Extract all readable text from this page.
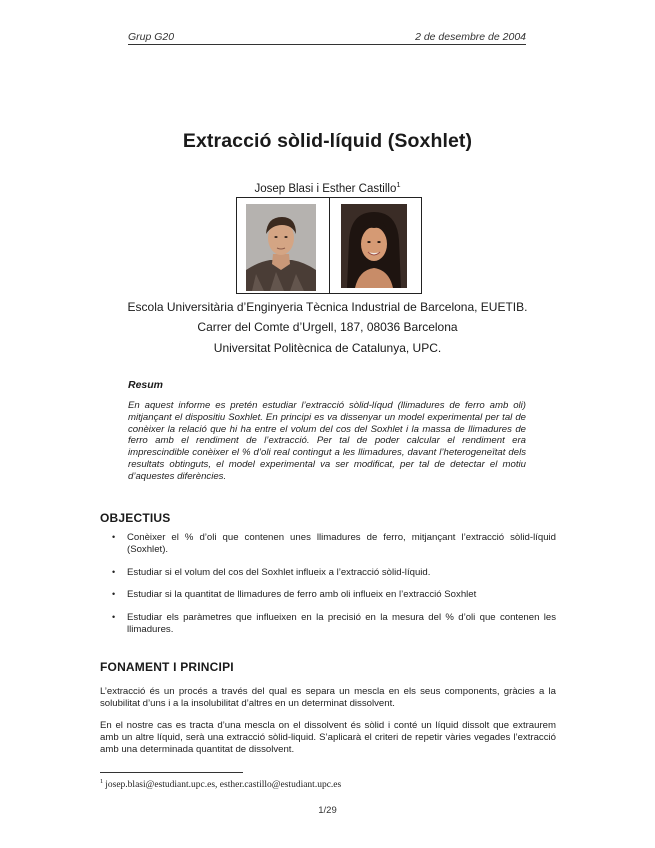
Grup G20	2 de desembre de 2004
Extracció sòlid-líquid (Soxhlet)
Josep Blasi i Esther Castillo$^1$
Escola Universitària d’Enginyeria Tècnica Industrial de Barcelona, EUETIB.
Carrer del Comte d’Urgell, 187, 08036 Barcelona
Universitat Politècnica de Catalunya, UPC.
Resum
En aquest informe es pretén estudiar l’extracció sòlid-líqud (llimadures de ferro amb oli) mitjançant el dispositiu Soxhlet. En principi es va dissenyar un model experimental per tal de conèixer la relació que hi ha entre el volum del cos del Soxhlet i la massa de llimadures de ferro amb el rendiment de l’extracció. Per tal de poder calcular el rendiment era imprescindible conèixer el % d’oli real contingut a les llimadures, davant l’heterogeneïtat dels resultats obtinguts, el model experimental va ser modificat, per tal de detectar el motiu d’aquestes diferències.
OBJECTIUS
• Conèixer el % d’oli que contenen unes llimadures de ferro, mitjançant l’extracció sòlid-líquid (Soxhlet).
• Estudiar si el volum del cos del Soxhlet influeix a l’extracció sòlid-líquid.
• Estudiar si la quantitat de llimadures de ferro amb oli influeix en l’extracció Soxhlet
• Estudiar els paràmetres que influeixen en la precisió en la mesura del % d’oli que contenen les llimadures.
FONAMENT I PRINCIPI
L’extracció és un procés a través del qual es separa un mescla en els seus components, gràcies a la solubilitat d’uns i a la insolubilitat d’altres en un determinat dissolvent.
En el nostre cas es tracta d’una mescla on el dissolvent és sòlid i conté un líquid dissolt que extraurem amb un altre líquid, serà una extracció sòlid-liquid. S’aplicarà el criteri de repetir vàries vegades l’extracció amb una determinada quantitat de dissolvent.
$^1$ josep.blasi@estudiant.upc.es, esther.castillo@estudiant.upc.es
1/29
